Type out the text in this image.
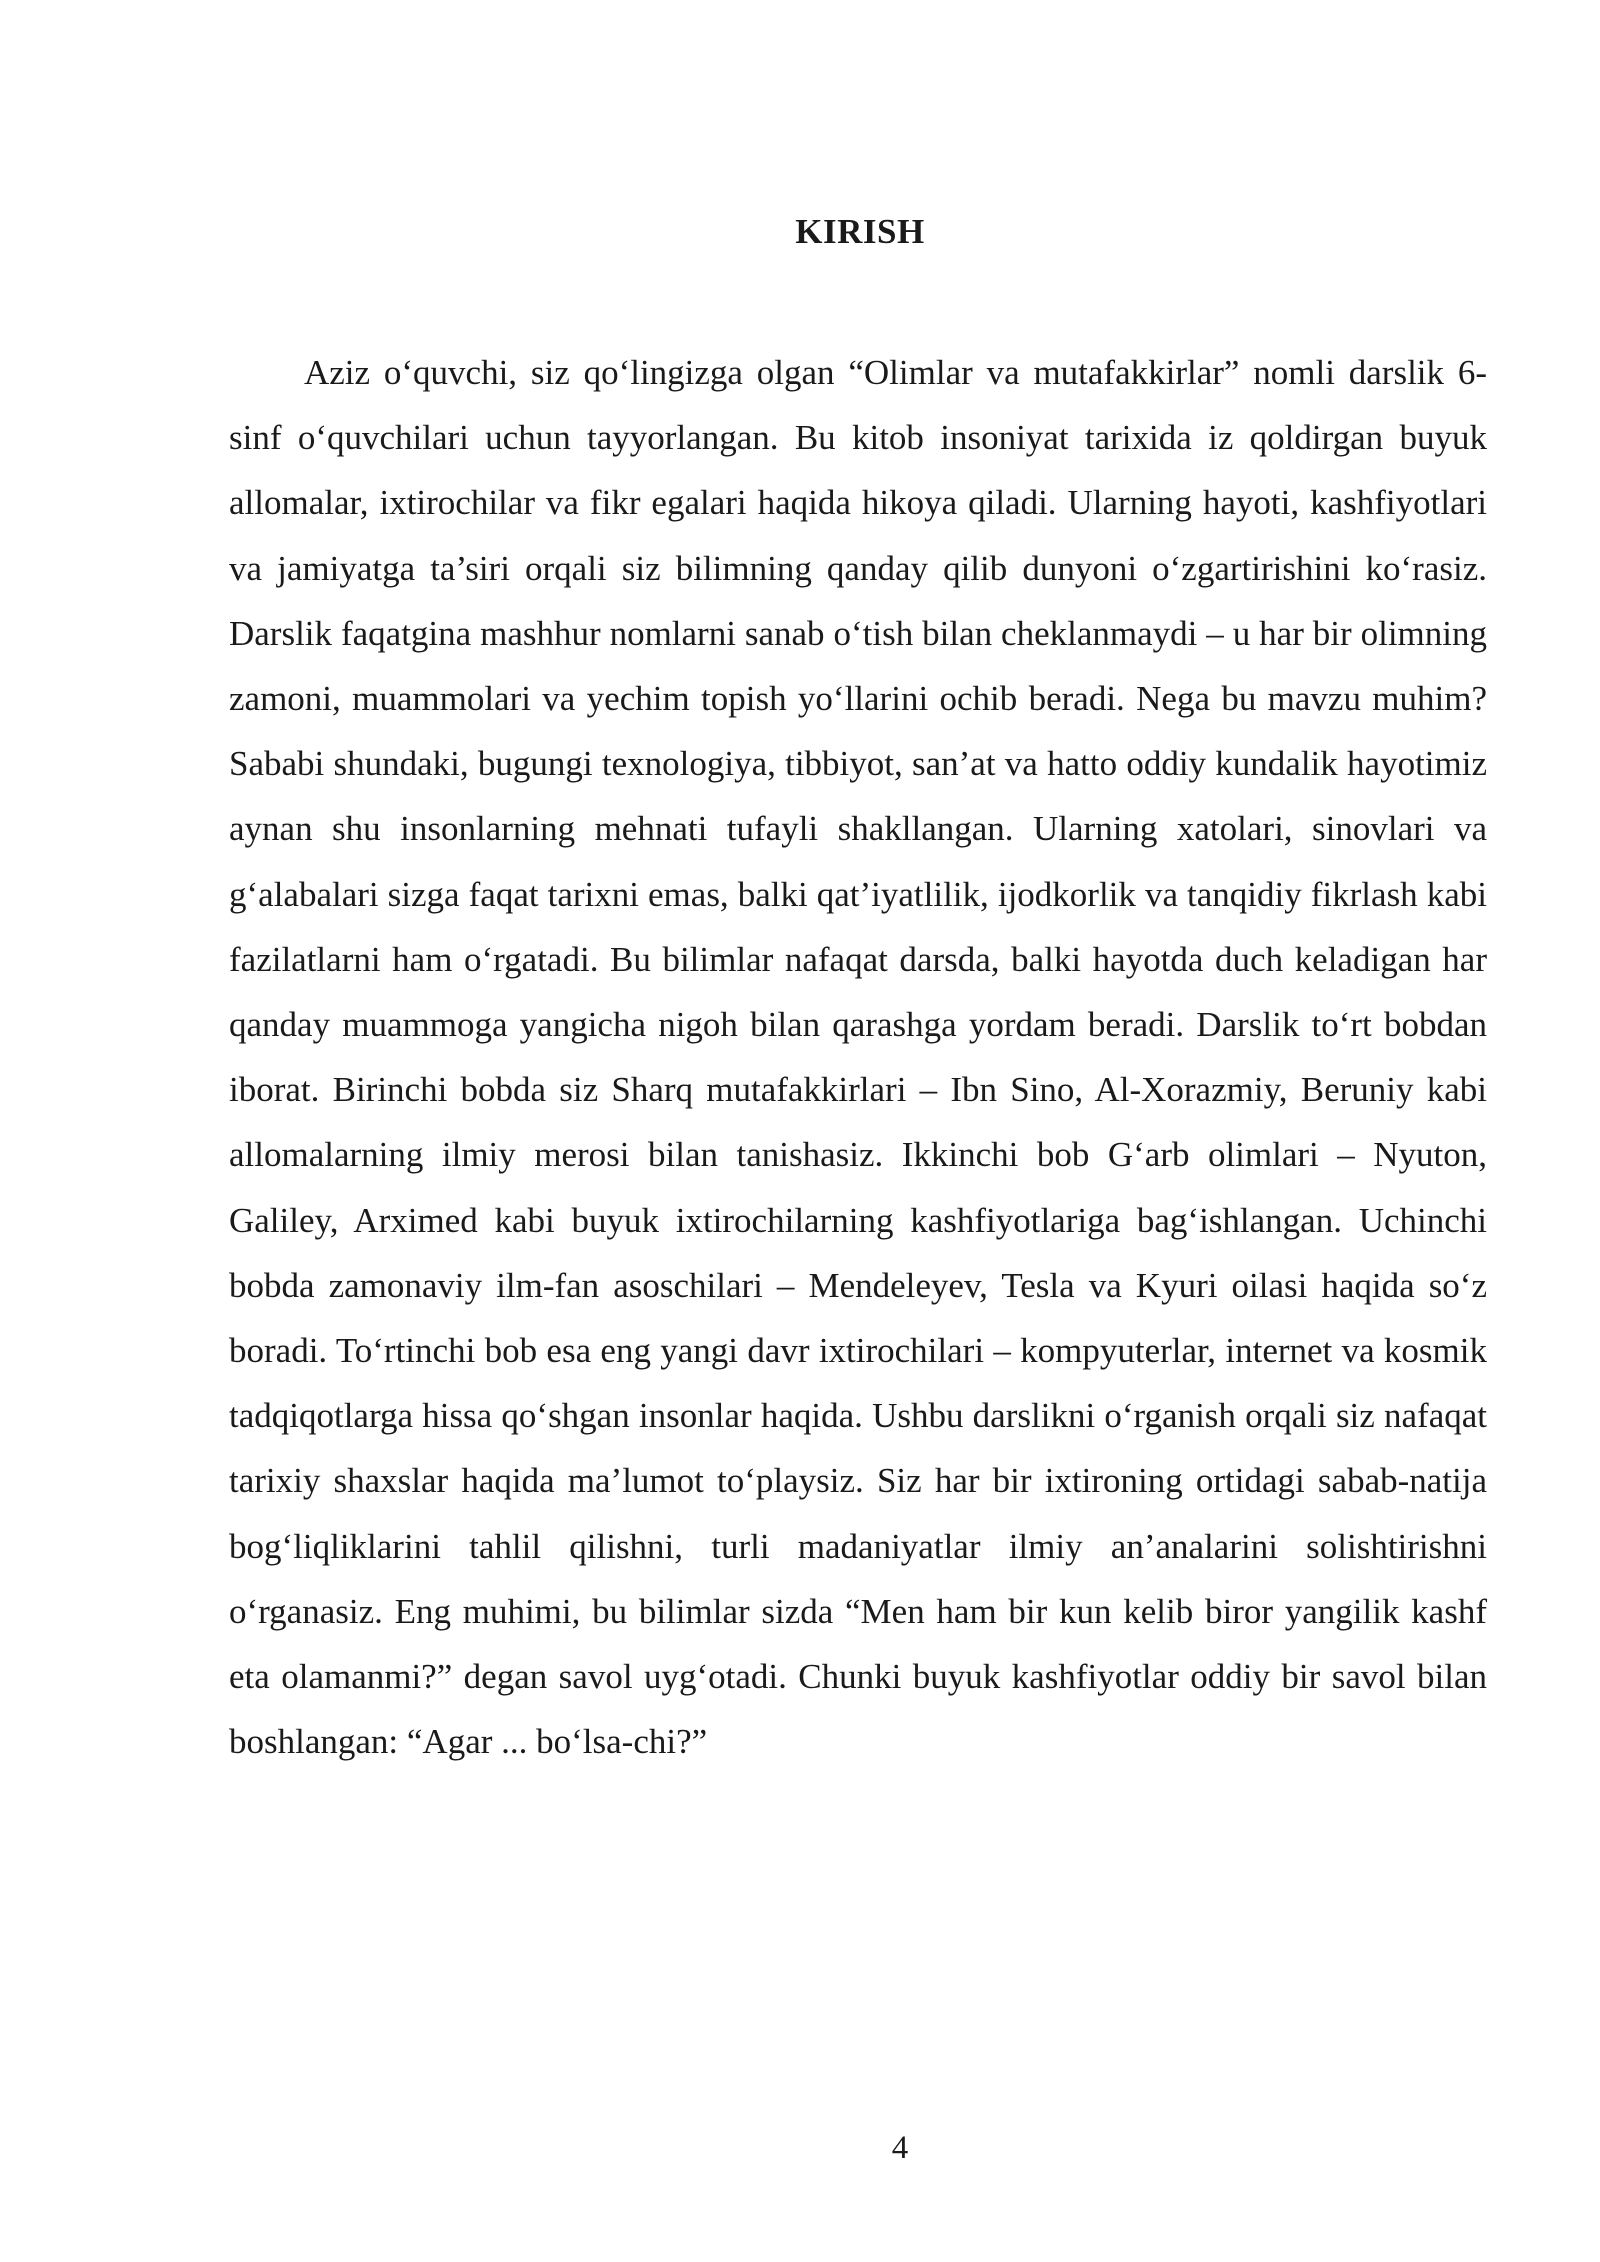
KIRISH

Aziz o‘quvchi, siz qo‘lingizga olgan “Olimlar va mutafakkirlar” nomli darslik 6-sinf o‘quvchilari uchun tayyorlangan. Bu kitob insoniyat tarixida iz qoldirgan buyuk allomalar, ixtirochilar va fikr egalari haqida hikoya qiladi. Ularning hayoti, kashfiyotlari va jamiyatga ta’siri orqali siz bilimning qanday qilib dunyoni o‘zgartirishini ko‘rasiz. Darslik faqatgina mashhur nomlarni sanab o‘tish bilan cheklanmaydi – u har bir olimning zamoni, muammolari va yechim topish yo‘llarini ochib beradi. Nega bu mavzu muhim? Sababi shundaki, bugungi texnologiya, tibbiyot, san’at va hatto oddiy kundalik hayotimiz aynan shu insonlarning mehnati tufayli shakllangan. Ularning xatolari, sinovlari va g‘alabalari sizga faqat tarixni emas, balki qat’iyatlilik, ijodkorlik va tanqidiy fikrlash kabi fazilatlarni ham o‘rgatadi. Bu bilimlar nafaqat darsda, balki hayotda duch keladigan har qanday muammoga yangicha nigoh bilan qarashga yordam beradi. Darslik to‘rt bobdan iborat. Birinchi bobda siz Sharq mutafakkirlari – Ibn Sino, Al-Xorazmiy, Beruniy kabi allomalarning ilmiy merosi bilan tanishasiz. Ikkinchi bob G‘arb olimlari – Nyuton, Galiley, Arximed kabi buyuk ixtirochilarning kashfiyotlariga bag‘ishlangan. Uchinchi bobda zamonaviy ilm-fan asoschilari – Mendeleyev, Tesla va Kyuri oilasi haqida so‘z boradi. To‘rtinchi bob esa eng yangi davr ixtirochilari – kompyuterlar, internet va kosmik tadqiqotlarga hissa qo‘shgan insonlar haqida. Ushbu darslikni o‘rganish orqali siz nafaqat tarixiy shaxslar haqida ma’lumot to‘playsiz. Siz har bir ixtironing ortidagi sabab-natija bog‘liqliklarini tahlil qilishni, turli madaniyatlar ilmiy an’analarini solishtirishni o‘rganasiz. Eng muhimi, bu bilimlar sizda “Men ham bir kun kelib biror yangilik kashf eta olamanmi?” degan savol uyg‘otadi. Chunki buyuk kashfiyotlar oddiy bir savol bilan boshlangan: “Agar ... bo‘lsa-chi?”

4
